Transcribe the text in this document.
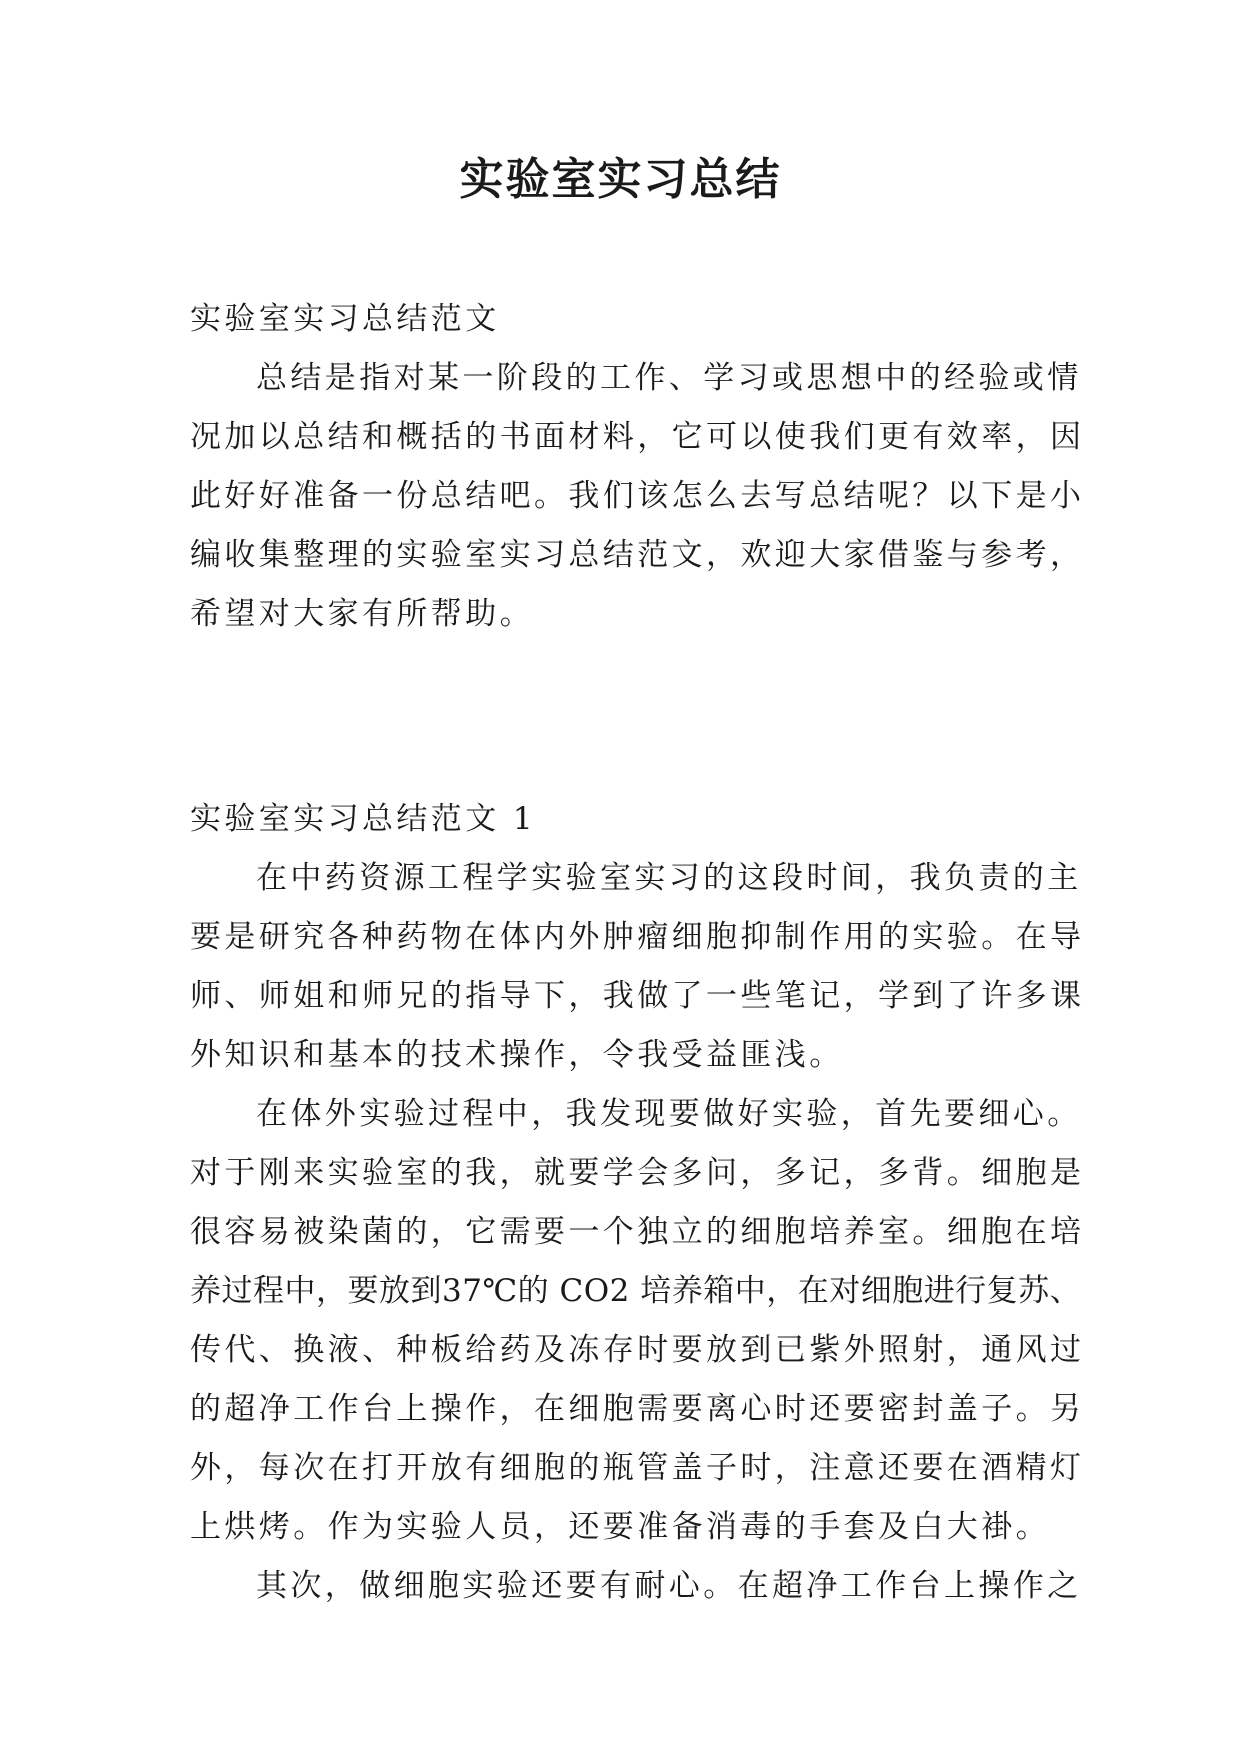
实验室实习总结
实验室实习总结范文
总结是指对某一阶段的工作、学习或思想中的经验或情
况加以总结和概括的书面材料，它可以使我们更有效率，因
此好好准备一份总结吧。我们该怎么去写总结呢？以下是小
编收集整理的实验室实习总结范文，欢迎大家借鉴与参考，
希望对大家有所帮助。
实验室实习总结范文 1
在中药资源工程学实验室实习的这段时间，我负责的主
要是研究各种药物在体内外肿瘤细胞抑制作用的实验。在导
师、师姐和师兄的指导下，我做了一些笔记，学到了许多课
外知识和基本的技术操作，令我受益匪浅。
在体外实验过程中，我发现要做好实验，首先要细心。
对于刚来实验室的我，就要学会多问，多记，多背。细胞是
很容易被染菌的，它需要一个独立的细胞培养室。细胞在培
养过程中，要放到37℃的 CO2 培养箱中，在对细胞进行复苏、
传代、换液、种板给药及冻存时要放到已紫外照射，通风过
的超净工作台上操作，在细胞需要离心时还要密封盖子。另
外，每次在打开放有细胞的瓶管盖子时，注意还要在酒精灯
上烘烤。作为实验人员，还要准备消毒的手套及白大褂。
其次，做细胞实验还要有耐心。在超净工作台上操作之
